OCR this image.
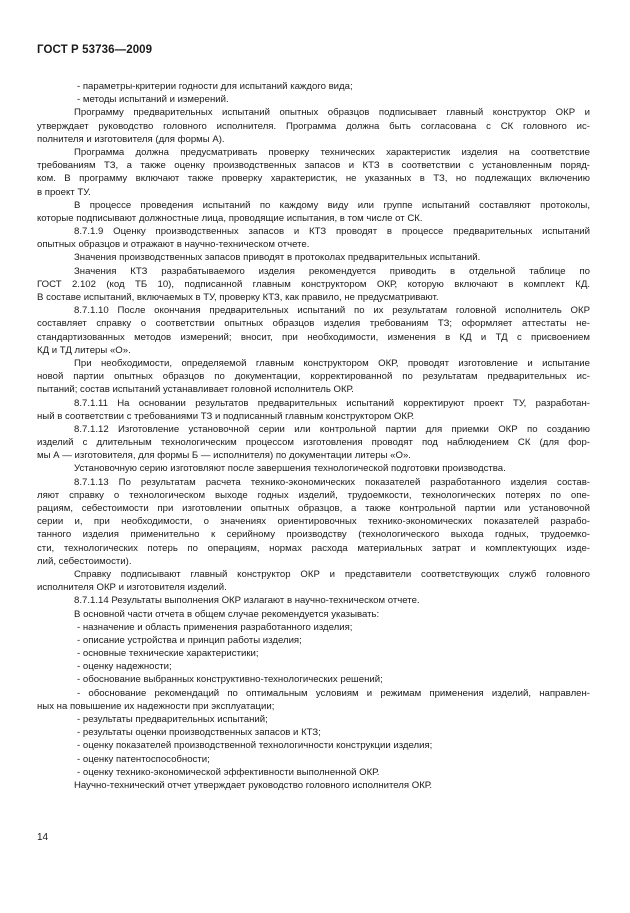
ГОСТ Р 53736—2009
- параметры-критерии годности для испытаний каждого вида;
- методы испытаний и измерений.
Программу предварительных испытаний опытных образцов подписывает главный конструктор ОКР и
утверждает руководство головного исполнителя. Программа должна быть согласована с СК головного ис-
полнителя и изготовителя (для формы А).
Программа должна предусматривать проверку технических характеристик изделия на соответствие
требованиям ТЗ, а также оценку производственных запасов и КТЗ в соответствии с установленным поряд-
ком. В программу включают также проверку характеристик, не указанных в ТЗ, но подлежащих включению
в проект ТУ.
В процессе проведения испытаний по каждому виду или группе испытаний составляют протоколы,
которые подписывают должностные лица, проводящие испытания, в том числе от СК.
8.7.1.9 Оценку производственных запасов и КТЗ проводят в процессе предварительных испытаний
опытных образцов и отражают в научно-техническом отчете.
Значения производственных запасов приводят в протоколах предварительных испытаний.
Значения КТЗ разрабатываемого изделия рекомендуется приводить в отдельной таблице по
ГОСТ 2.102 (код ТБ 10), подписанной главным конструктором ОКР, которую включают в комплект КД.
В составе испытаний, включаемых в ТУ, проверку КТЗ, как правило, не предусматривают.
8.7.1.10 После окончания предварительных испытаний по их результатам головной исполнитель ОКР
составляет справку о соответствии опытных образцов изделия требованиям ТЗ; оформляет аттестаты не-
стандартизованных методов измерений; вносит, при необходимости, изменения в КД и ТД с присвоением
КД и ТД литеры «О».
При необходимости, определяемой главным конструктором ОКР, проводят изготовление и испытание
новой партии опытных образцов по документации, корректированной по результатам предварительных ис-
пытаний; состав испытаний устанавливает головной исполнитель ОКР.
8.7.1.11 На основании результатов предварительных испытаний корректируют проект ТУ, разработан-
ный в соответствии с требованиями ТЗ и подписанный главным конструктором ОКР.
8.7.1.12 Изготовление установочной серии или контрольной партии для приемки ОКР по созданию
изделий с длительным технологическим процессом изготовления проводят под наблюдением СК (для фор-
мы А — изготовителя, для формы Б — исполнителя) по документации литеры «О».
Установочную серию изготовляют после завершения технологической подготовки производства.
8.7.1.13 По результатам расчета технико-экономических показателей разработанного изделия состав-
ляют справку о технологическом выходе годных изделий, трудоемкости, технологических потерях по опе-
рациям, себестоимости при изготовлении опытных образцов, а также контрольной партии или установочной
серии и, при необходимости, о значениях ориентировочных технико-экономических показателей разрабо-
танного изделия применительно к серийному производству (технологического выхода годных, трудоемко-
сти, технологических потерь по операциям, нормах расхода материальных затрат и комплектующих изде-
лий, себестоимости).
Справку подписывают главный конструктор ОКР и представители соответствующих служб головного
исполнителя ОКР и изготовителя изделий.
8.7.1.14 Результаты выполнения ОКР излагают в научно-техническом отчете.
В основной части отчета в общем случае рекомендуется указывать:
- назначение и область применения разработанного изделия;
- описание устройства и принцип работы изделия;
- основные технические характеристики;
- оценку надежности;
- обоснование выбранных конструктивно-технологических решений;
- обоснование рекомендаций по оптимальным условиям и режимам применения изделий, направлен-
ных на повышение их надежности при эксплуатации;
- результаты предварительных испытаний;
- результаты оценки производственных запасов и КТЗ;
- оценку показателей производственной технологичности конструкции изделия;
- оценку патентоспособности;
- оценку технико-экономической эффективности выполненной ОКР.
Научно-технический отчет утверждает руководство головного исполнителя ОКР.
14
